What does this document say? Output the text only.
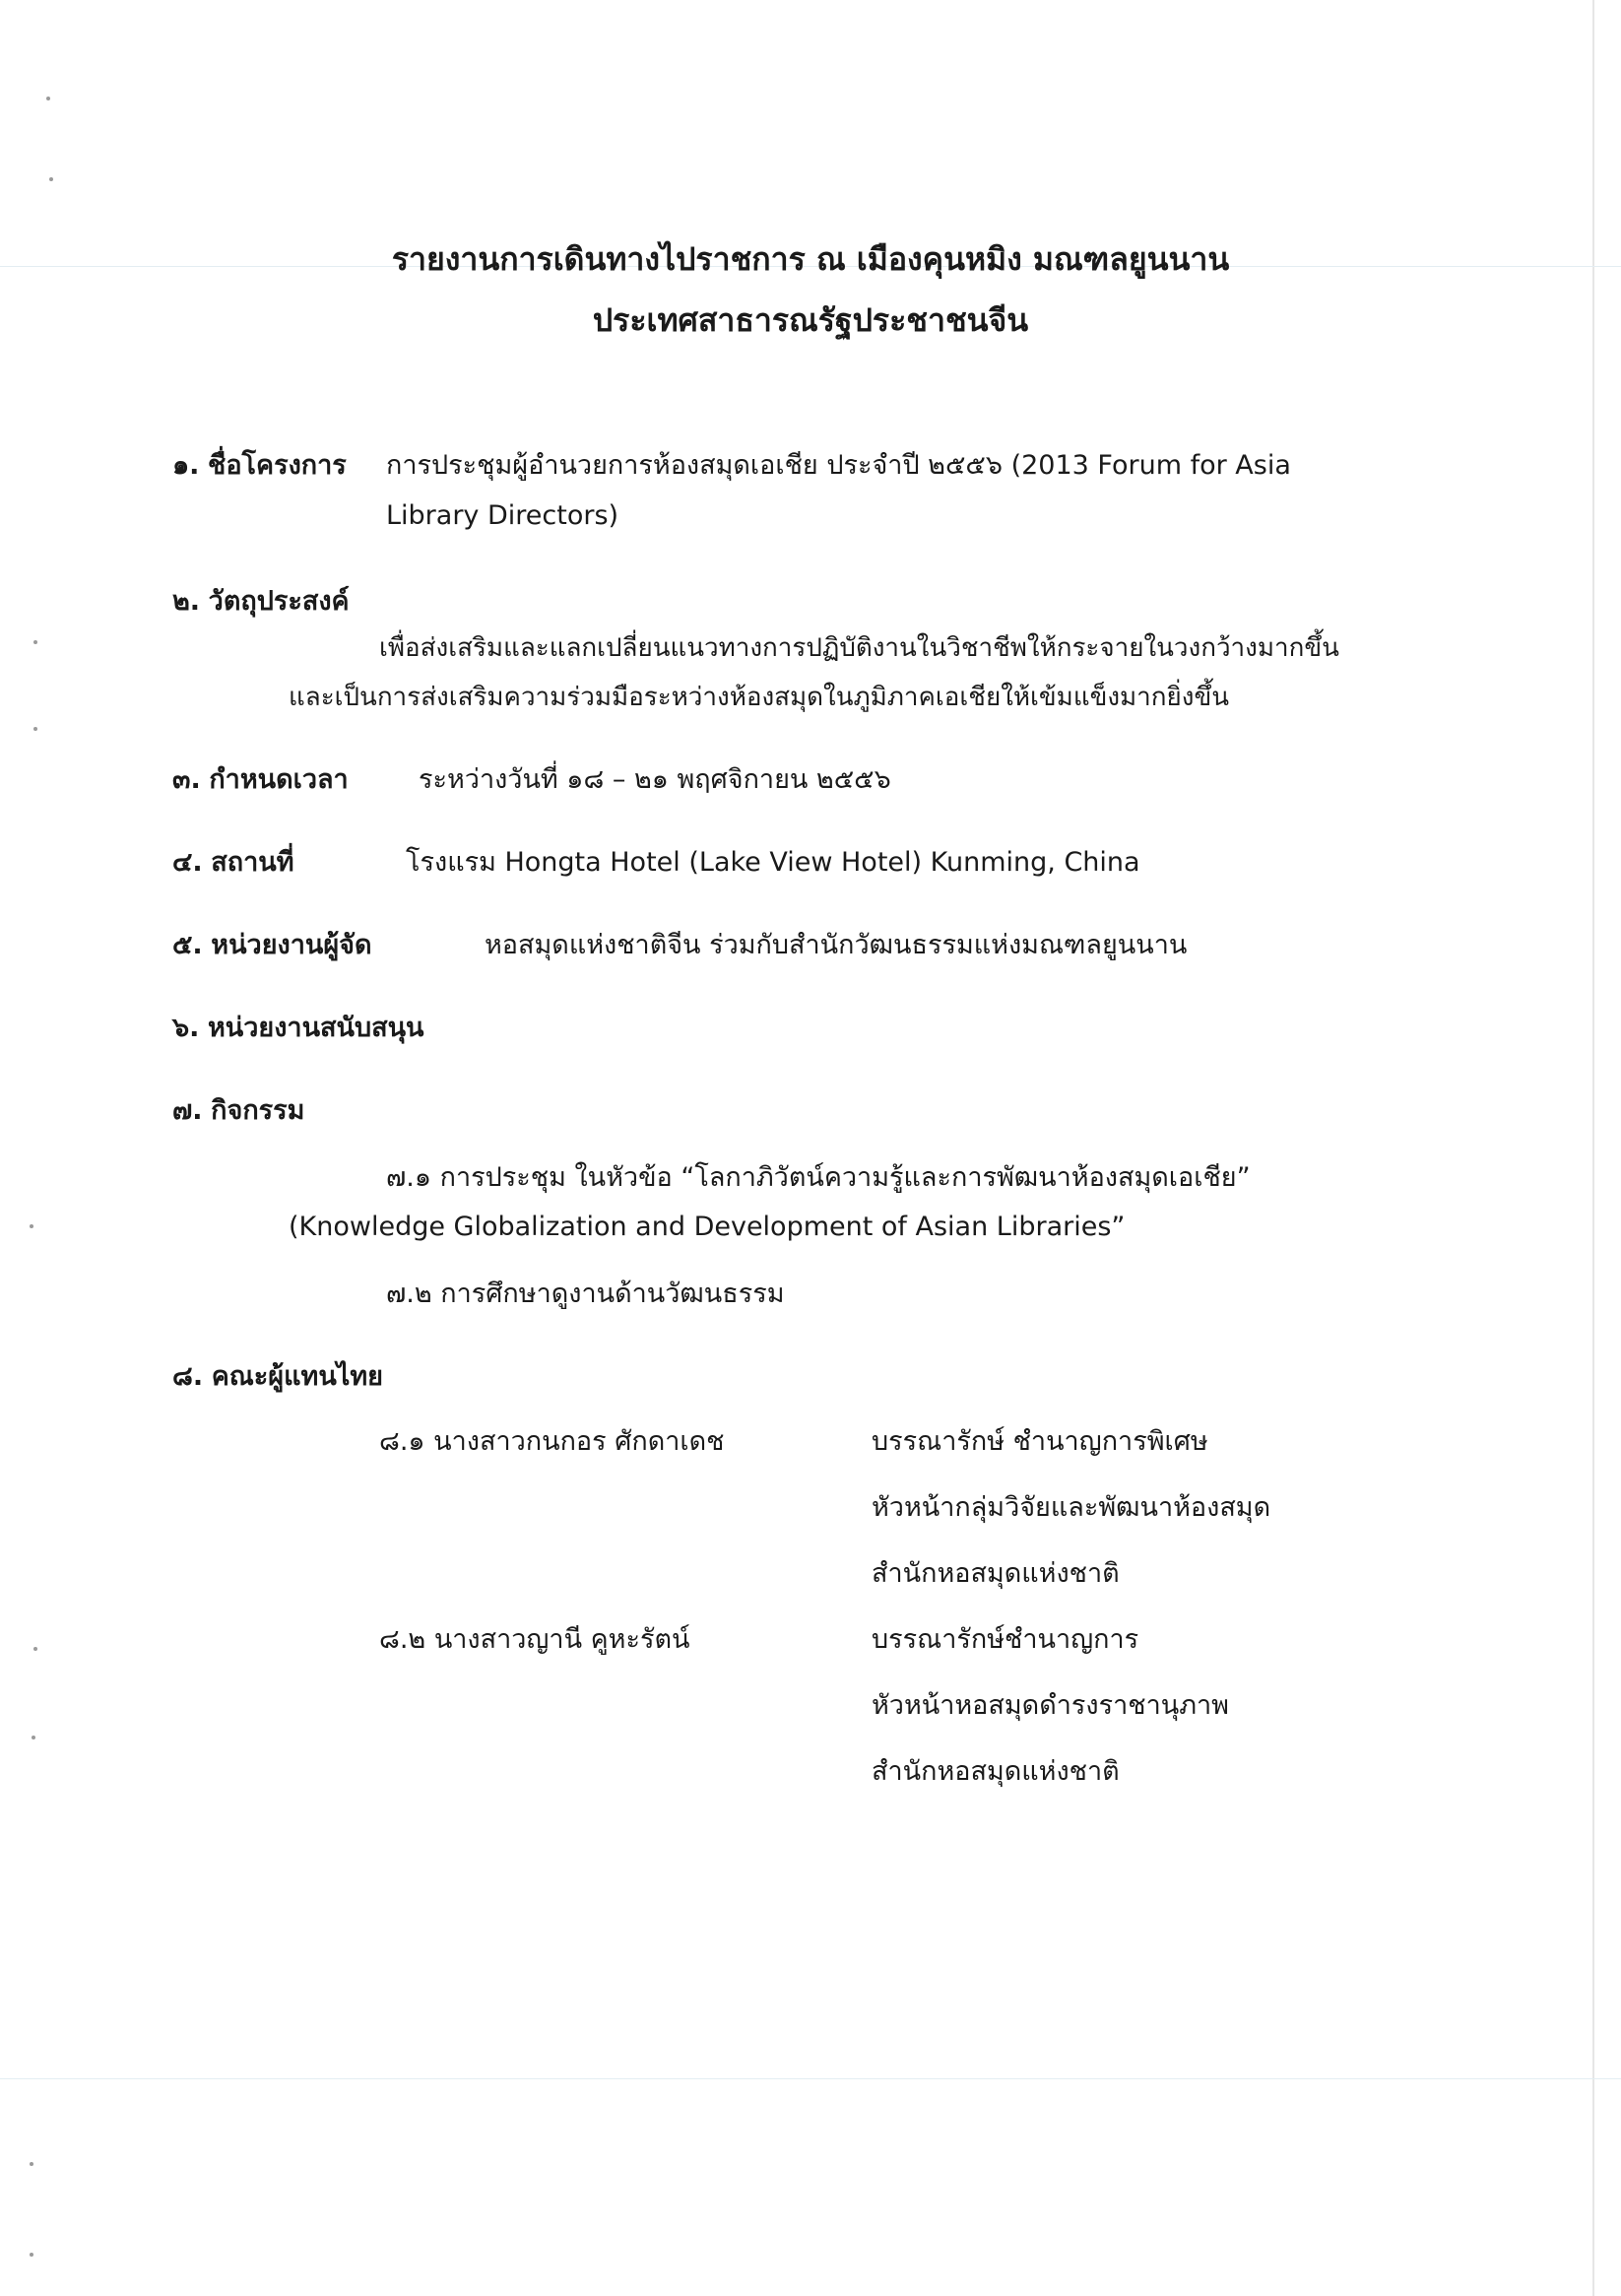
รายงานการเดินทางไปราชการ ณ เมืองคุนหมิง มณฑลยูนนาน
ประเทศสาธารณรัฐประชาชนจีน
๑. ชื่อโครงการ การประชุมผู้อำนวยการห้องสมุดเอเชีย ประจำปี ๒๕๕๖ (2013 Forum for Asia
Library Directors)
๒. วัตถุประสงค์
เพื่อส่งเสริมและแลกเปลี่ยนแนวทางการปฏิบัติงานในวิชาชีพให้กระจายในวงกว้างมากขึ้น
และเป็นการส่งเสริมความร่วมมือระหว่างห้องสมุดในภูมิภาคเอเชียให้เข้มแข็งมากยิ่งขึ้น
๓. กำหนดเวลา	ระหว่างวันที่ ๑๘ – ๒๑ พฤศจิกายน ๒๕๕๖
๔. สถานที่	โรงแรม Hongta Hotel (Lake View Hotel) Kunming, China
๕. หน่วยงานผู้จัด	หอสมุดแห่งชาติจีน ร่วมกับสำนักวัฒนธรรมแห่งมณฑลยูนนาน
๖. หน่วยงานสนับสนุน
๗. กิจกรรม
๗.๑ การประชุม ในหัวข้อ “โลกาภิวัตน์ความรู้และการพัฒนาห้องสมุดเอเชีย”
(Knowledge Globalization and Development of Asian Libraries”
๗.๒ การศึกษาดูงานด้านวัฒนธรรม
๘. คณะผู้แทนไทย
๘.๑ นางสาวกนกอร ศักดาเดช	บรรณารักษ์ ชำนาญการพิเศษ
หัวหน้ากลุ่มวิจัยและพัฒนาห้องสมุด
สำนักหอสมุดแห่งชาติ
๘.๒ นางสาวญานี คูหะรัตน์	บรรณารักษ์ชำนาญการ
หัวหน้าหอสมุดดำรงราชานุภาพ
สำนักหอสมุดแห่งชาติ
